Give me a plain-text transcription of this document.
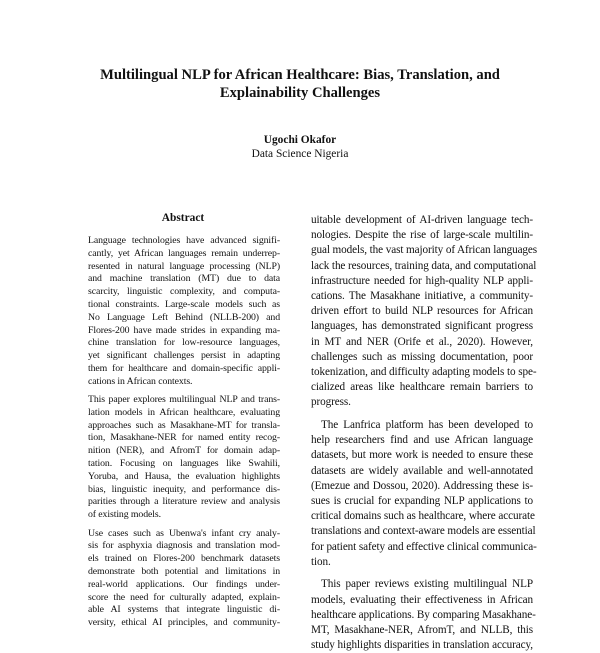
Multilingual NLP for African Healthcare: Bias, Translation, and
Explainability Challenges
Ugochi Okafor
Data Science Nigeria
Abstract
Language technologies have advanced signifi-
cantly, yet African languages remain underrep-
resented in natural language processing (NLP)
and machine translation (MT) due to data
scarcity, linguistic complexity, and computa-
tional constraints. Large-scale models such as
No Language Left Behind (NLLB-200) and
Flores-200 have made strides in expanding ma-
chine translation for low-resource languages,
yet significant challenges persist in adapting
them for healthcare and domain-specific appli-
cations in African contexts.
This paper explores multilingual NLP and trans-
lation models in African healthcare, evaluating
approaches such as Masakhane-MT for transla-
tion, Masakhane-NER for named entity recog-
nition (NER), and AfromT for domain adap-
tation. Focusing on languages like Swahili,
Yoruba, and Hausa, the evaluation highlights
bias, linguistic inequity, and performance dis-
parities through a literature review and analysis
of existing models.
Use cases such as Ubenwa's infant cry analy-
sis for asphyxia diagnosis and translation mod-
els trained on Flores-200 benchmark datasets
demonstrate both potential and limitations in
real-world applications. Our findings under-
score the need for culturally adapted, explain-
able AI systems that integrate linguistic di-
versity, ethical AI principles, and community-
uitable development of AI-driven language tech-
nologies. Despite the rise of large-scale multilin-
gual models, the vast majority of African languages
lack the resources, training data, and computational
infrastructure needed for high-quality NLP appli-
cations. The Masakhane initiative, a community-
driven effort to build NLP resources for African
languages, has demonstrated significant progress
in MT and NER (Orife et al., 2020). However,
challenges such as missing documentation, poor
tokenization, and difficulty adapting models to spe-
cialized areas like healthcare remain barriers to
progress.
The Lanfrica platform has been developed to
help researchers find and use African language
datasets, but more work is needed to ensure these
datasets are widely available and well-annotated
(Emezue and Dossou, 2020). Addressing these is-
sues is crucial for expanding NLP applications to
critical domains such as healthcare, where accurate
translations and context-aware models are essential
for patient safety and effective clinical communica-
tion.
This paper reviews existing multilingual NLP
models, evaluating their effectiveness in African
healthcare applications. By comparing Masakhane-
MT, Masakhane-NER, AfromT, and NLLB, this
study highlights disparities in translation accuracy,
